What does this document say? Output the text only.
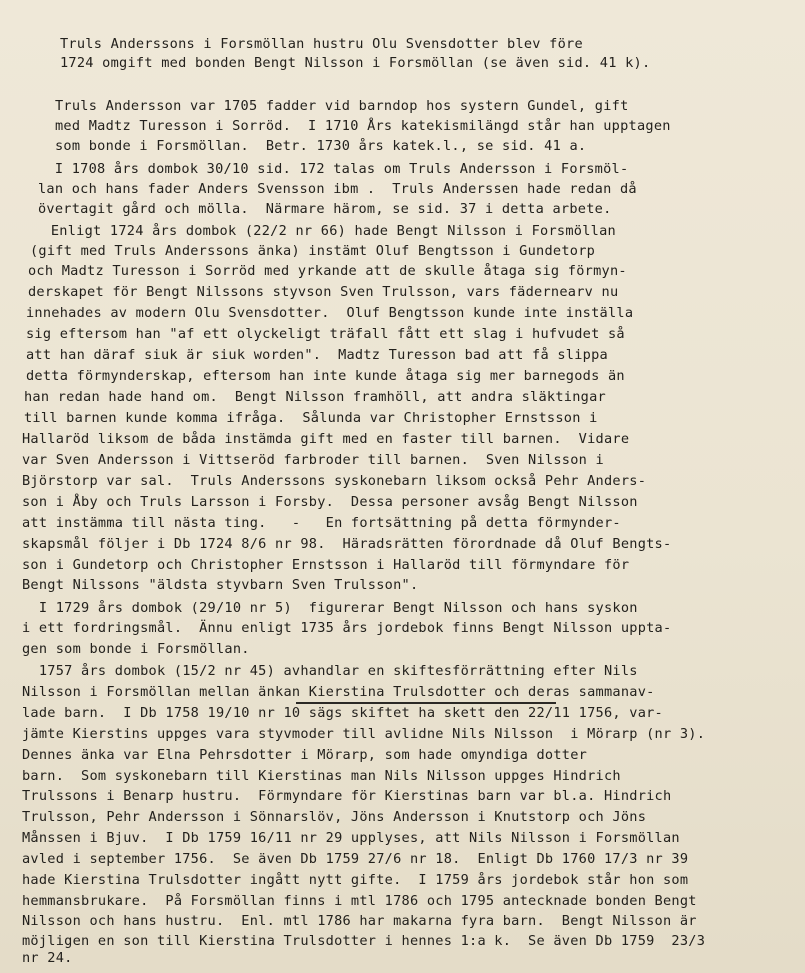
Truls Anderssons i Forsmöllan hustru Olu Svensdotter blev före
1724 omgift med bonden Bengt Nilsson i Forsmöllan (se även sid. 41 k).
Truls Andersson var 1705 fadder vid barndop hos systern Gundel, gift
med Madtz Turesson i Sorröd.  I 1710 Års katekismilängd står han upptagen
som bonde i Forsmöllan.  Betr. 1730 års katek.l., se sid. 41 a.
I 1708 års dombok 30/10 sid. 172 talas om Truls Andersson i Forsmöl-
lan och hans fader Anders Svensson ibm .  Truls Anderssen hade redan då
övertagit gård och mölla.  Närmare härom, se sid. 37 i detta arbete.
Enligt 1724 års dombok (22/2 nr 66) hade Bengt Nilsson i Forsmöllan
(gift med Truls Anderssons änka) instämt Oluf Bengtsson i Gundetorp
och Madtz Turesson i Sorröd med yrkande att de skulle åtaga sig förmyn-
derskapet för Bengt Nilssons styvson Sven Trulsson, vars fädernearv nu
innehades av modern Olu Svensdotter.  Oluf Bengtsson kunde inte inställa
sig eftersom han "af ett olyckeligt träfall fått ett slag i hufvudet så
att han däraf siuk är siuk worden".  Madtz Turesson bad att få slippa
detta förmynderskap, eftersom han inte kunde åtaga sig mer barnegods än
han redan hade hand om.  Bengt Nilsson framhöll, att andra släktingar
till barnen kunde komma ifråga.  Sålunda var Christopher Ernstsson i
Hallaröd liksom de båda instämda gift med en faster till barnen.  Vidare
var Sven Andersson i Vittseröd farbroder till barnen.  Sven Nilsson i
Björstorp var sal.  Truls Anderssons syskonebarn liksom också Pehr Anders-
son i Åby och Truls Larsson i Forsby.  Dessa personer avsåg Bengt Nilsson
att instämma till nästa ting.   -   En fortsättning på detta förmynder-
skapsmål följer i Db 1724 8/6 nr 98.  Häradsrätten förordnade då Oluf Bengts-
son i Gundetorp och Christopher Ernstsson i Hallaröd till förmyndare för
Bengt Nilssons "äldsta styvbarn Sven Trulsson".
I 1729 års dombok (29/10 nr 5)  figurerar Bengt Nilsson och hans syskon
i ett fordringsmål.  Ännu enligt 1735 års jordebok finns Bengt Nilsson uppta-
gen som bonde i Forsmöllan.
1757 års dombok (15/2 nr 45) avhandlar en skiftesförrättning efter Nils
Nilsson i Forsmöllan mellan änkan Kierstina Trulsdotter och deras sammanav-
lade barn.  I Db 1758 19/10 nr 10 sägs skiftet ha skett den 22/11 1756, var-
jämte Kierstins uppges vara styvmoder till avlidne Nils Nilsson  i Mörarp (nr 3).
Dennes änka var Elna Pehrsdotter i Mörarp, som hade omyndiga dotter
barn.  Som syskonebarn till Kierstinas man Nils Nilsson uppges Hindrich
Trulssons i Benarp hustru.  Förmyndare för Kierstinas barn var bl.a. Hindrich
Trulsson, Pehr Andersson i Sönnarslöv, Jöns Andersson i Knutstorp och Jöns
Månssen i Bjuv.  I Db 1759 16/11 nr 29 upplyses, att Nils Nilsson i Forsmöllan
avled i september 1756.  Se även Db 1759 27/6 nr 18.  Enligt Db 1760 17/3 nr 39
hade Kierstina Trulsdotter ingått nytt gifte.  I 1759 års jordebok står hon som
hemmansbrukare.  På Forsmöllan finns i mtl 1786 och 1795 antecknade bonden Bengt
Nilsson och hans hustru.  Enl. mtl 1786 har makarna fyra barn.  Bengt Nilsson är
möjligen en son till Kierstina Trulsdotter i hennes 1:a k.  Se även Db 1759  23/3
nr 24.
